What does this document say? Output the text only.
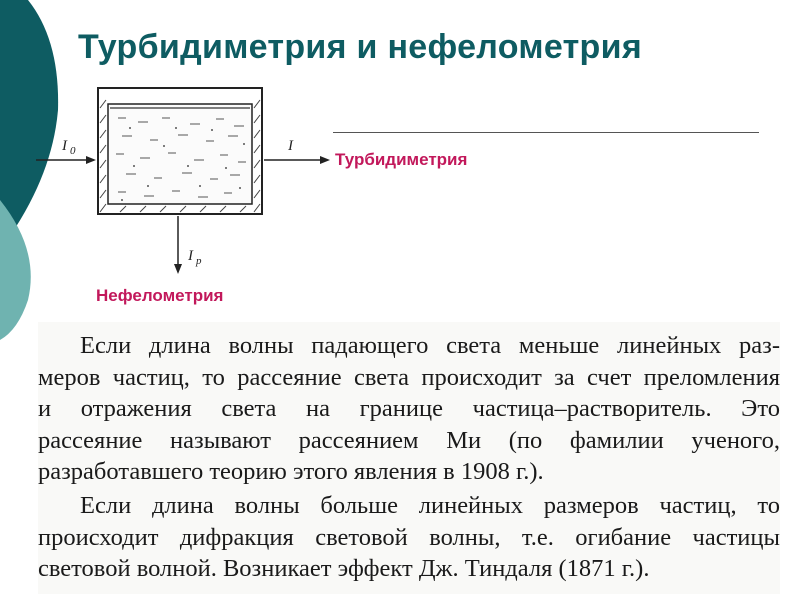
Турбидиметрия и нефелометрия
I 0	I
I p
Турбидиметрия
Нефелометрия
Если длина волны падающего света меньше линейных раз-
меров частиц, то рассеяние света происходит за счет преломления
и отражения света на границе частица–растворитель. Это
рассеяние называют рассеянием Ми (по фамилии ученого,
разработавшего теорию этого явления в 1908 г.).
Если длина волны больше линейных размеров частиц, то
происходит дифракция световой волны, т.е. огибание частицы
световой волной. Возникает эффект Дж. Тиндаля (1871 г.).
